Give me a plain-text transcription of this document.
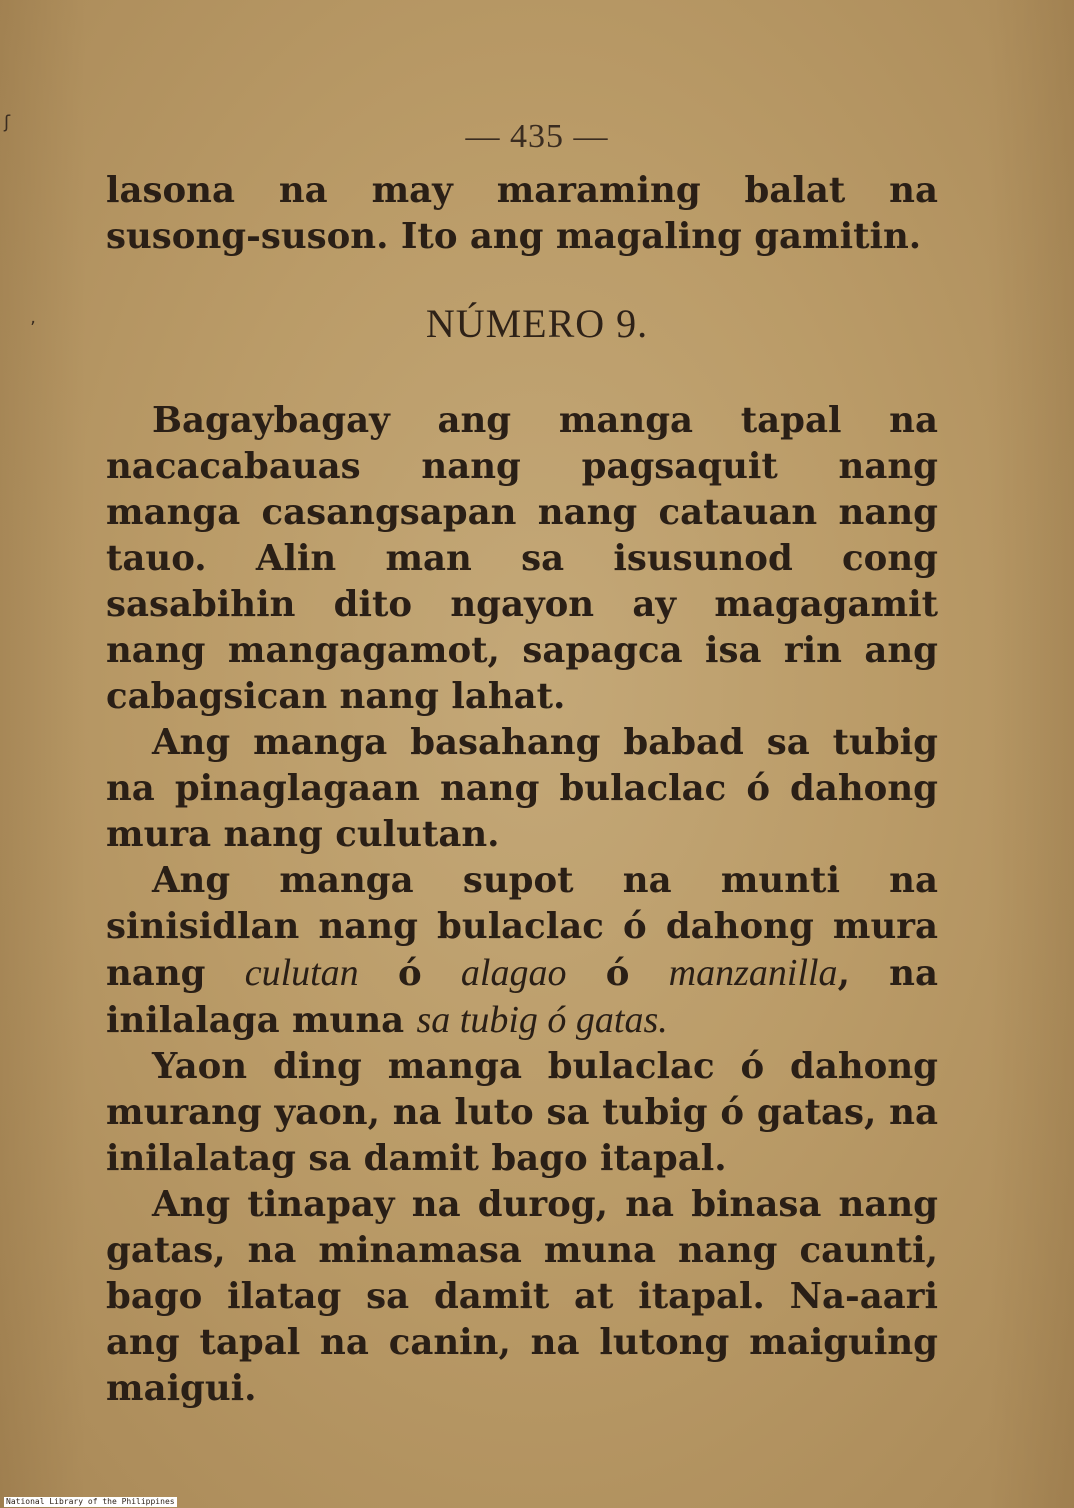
ʃ
ʼ
— 435 —

lasona na may maraming balat na susong-suson. Ito ang magaling gamitin.

NÚMERO 9.

Bagaybagay ang manga tapal na nacacabauas nang pagsaquit nang manga casangsapan nang catauan nang tauo. Alin man sa isusunod cong sasabihin dito ngayon ay magagamit nang mangagamot, sapagca isa rin ang cabagsican nang lahat.

Ang manga basahang babad sa tubig na pinaglagaan nang bulaclac ó dahong mura nang culutan.

Ang manga supot na munti na sinisidlan nang bulaclac ó dahong mura nang culutan ó alagao ó manzanilla, na inilalaga muna sa tubig ó gatas.

Yaon ding manga bulaclac ó dahong murang yaon, na luto sa tubig ó gatas, na inilalatag sa damit bago itapal.

Ang tinapay na durog, na binasa nang gatas, na minamasa muna nang caunti, bago ilatag sa damit at itapal. Na-aari ang tapal na canin, na lutong maiguing maigui.

National Library of the Philippines
